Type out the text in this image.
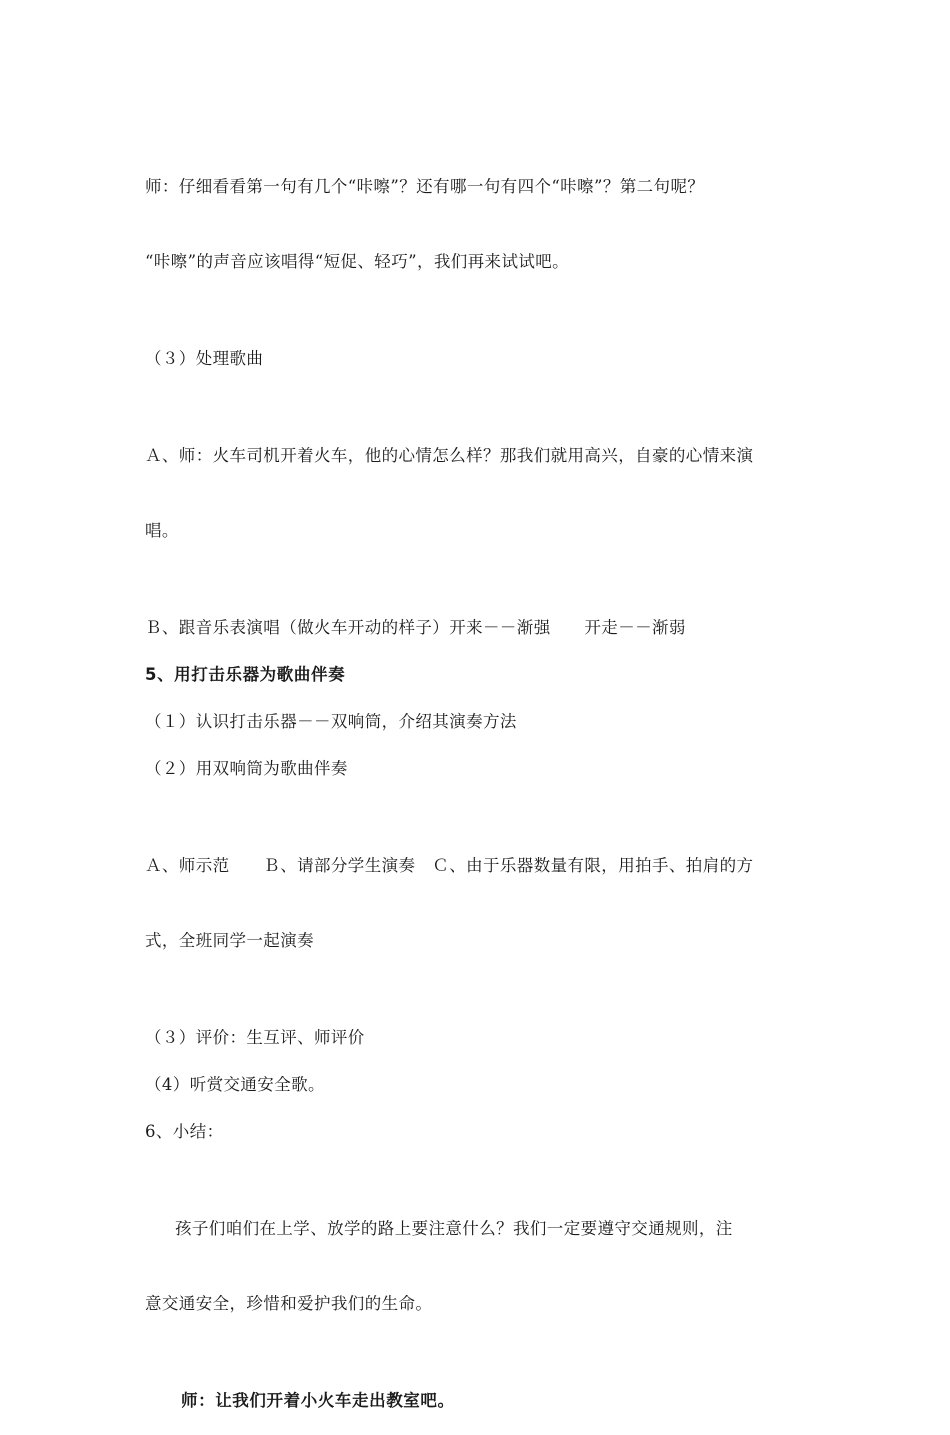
师：仔细看看第一句有几个“咔嚓”？还有哪一句有四个“咔嚓”？第二句呢？

“咔嚓”的声音应该唱得“短促、轻巧”，我们再来试试吧。

（３）处理歌曲

Ａ、师：火车司机开着火车，他的心情怎么样？那我们就用高兴，自豪的心情来演

唱。

Ｂ、跟音乐表演唱（做火车开动的样子）开来－－渐强　　开走－－渐弱

5、用打击乐器为歌曲伴奏

（１）认识打击乐器－－双响筒，介绍其演奏方法

（２）用双响筒为歌曲伴奏

Ａ、师示范　　Ｂ、请部分学生演奏　Ｃ、由于乐器数量有限，用拍手、拍肩的方

式，全班同学一起演奏

（３）评价：生互评、师评价

（4）听赏交通安全歌。

6、小结：

孩子们咱们在上学、放学的路上要注意什么？我们一定要遵守交通规则，注

意交通安全，珍惜和爱护我们的生命。

师：让我们开着小火车走出教室吧。
